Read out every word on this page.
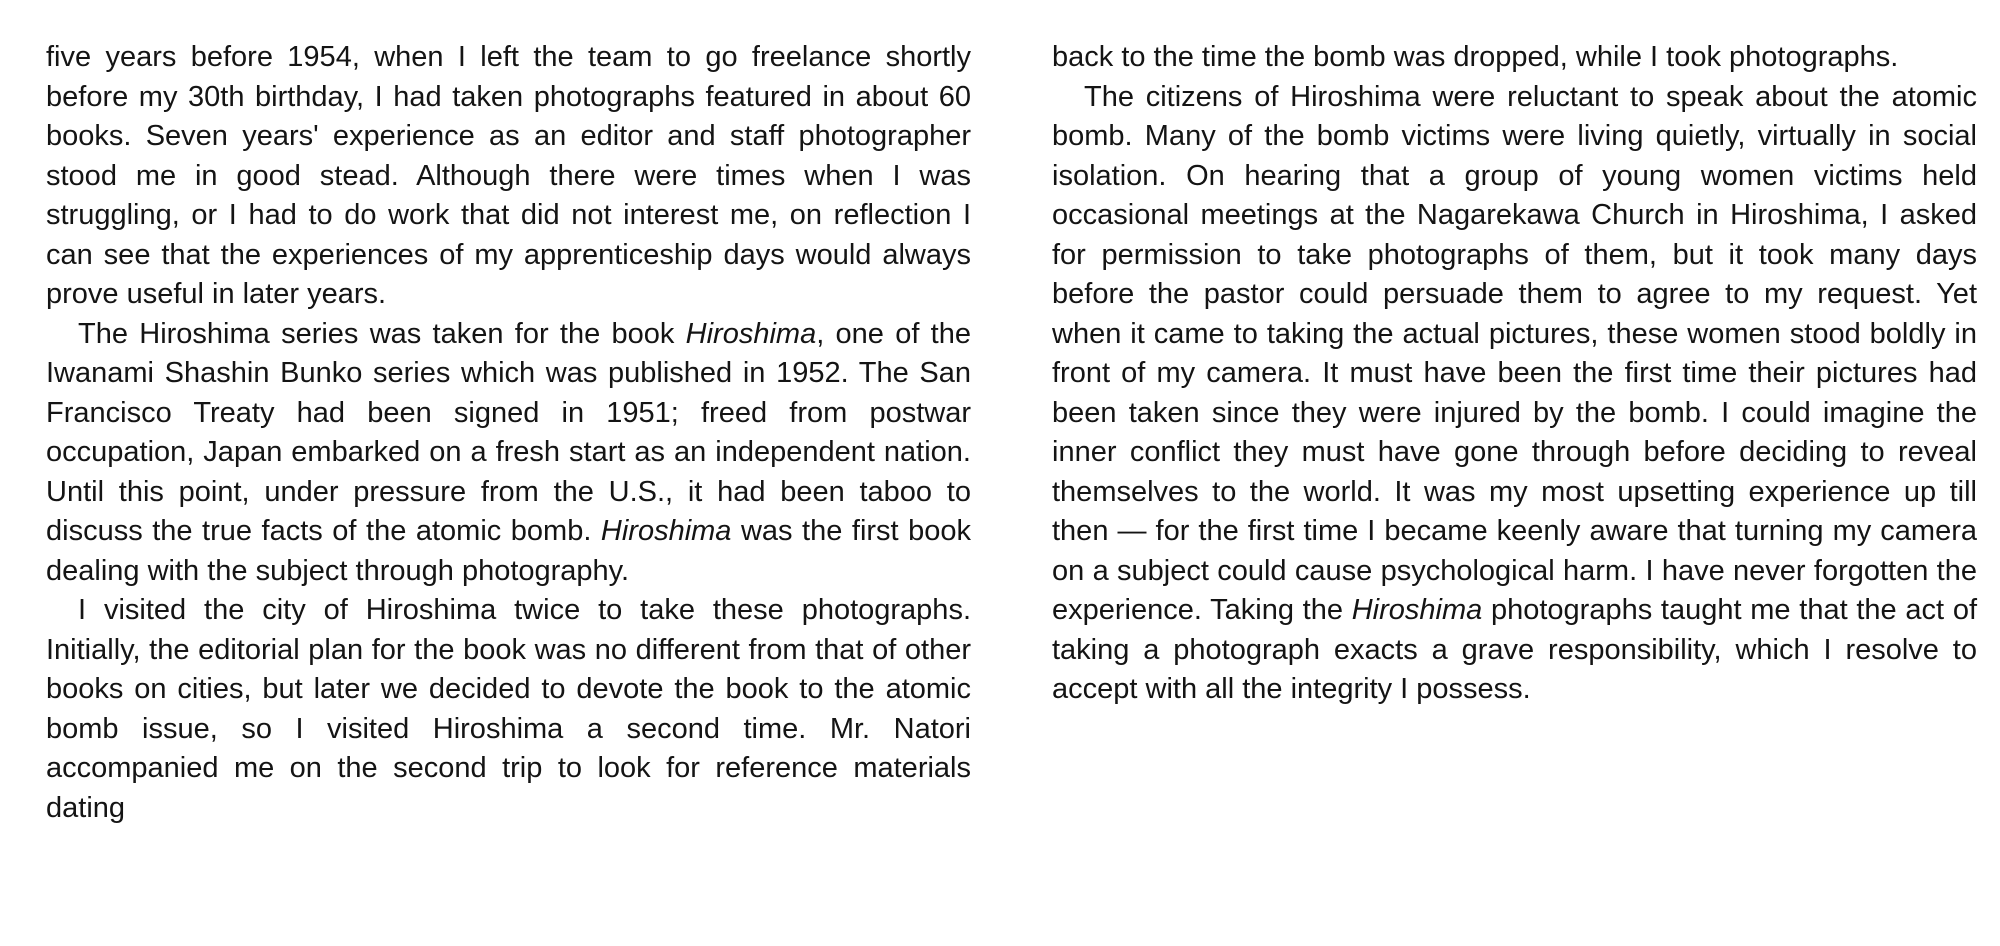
five years before 1954, when I left the team to go freelance shortly before my 30th birthday, I had taken photographs featured in about 60 books. Seven years' experience as an editor and staff photographer stood me in good stead. Although there were times when I was struggling, or I had to do work that did not interest me, on reflection I can see that the experiences of my apprenticeship days would always prove useful in later years.

The Hiroshima series was taken for the book Hiroshima, one of the Iwanami Shashin Bunko series which was published in 1952. The San Francisco Treaty had been signed in 1951; freed from postwar occupation, Japan embarked on a fresh start as an independent nation. Until this point, under pressure from the U.S., it had been taboo to discuss the true facts of the atomic bomb. Hiroshima was the first book dealing with the subject through photography.

I visited the city of Hiroshima twice to take these photographs. Initially, the editorial plan for the book was no different from that of other books on cities, but later we decided to devote the book to the atomic bomb issue, so I visited Hiroshima a second time. Mr. Natori accompanied me on the second trip to look for reference materials dating

back to the time the bomb was dropped, while I took photographs.

The citizens of Hiroshima were reluctant to speak about the atomic bomb. Many of the bomb victims were living quietly, virtually in social isolation. On hearing that a group of young women victims held occasional meetings at the Nagarekawa Church in Hiroshima, I asked for permission to take photographs of them, but it took many days before the pastor could persuade them to agree to my request. Yet when it came to taking the actual pictures, these women stood boldly in front of my camera. It must have been the first time their pictures had been taken since they were injured by the bomb. I could imagine the inner conflict they must have gone through before deciding to reveal themselves to the world. It was my most upsetting experience up till then — for the first time I became keenly aware that turning my camera on a subject could cause psychological harm. I have never forgotten the experience. Taking the Hiroshima photographs taught me that the act of taking a photograph exacts a grave responsibility, which I resolve to accept with all the integrity I possess.
